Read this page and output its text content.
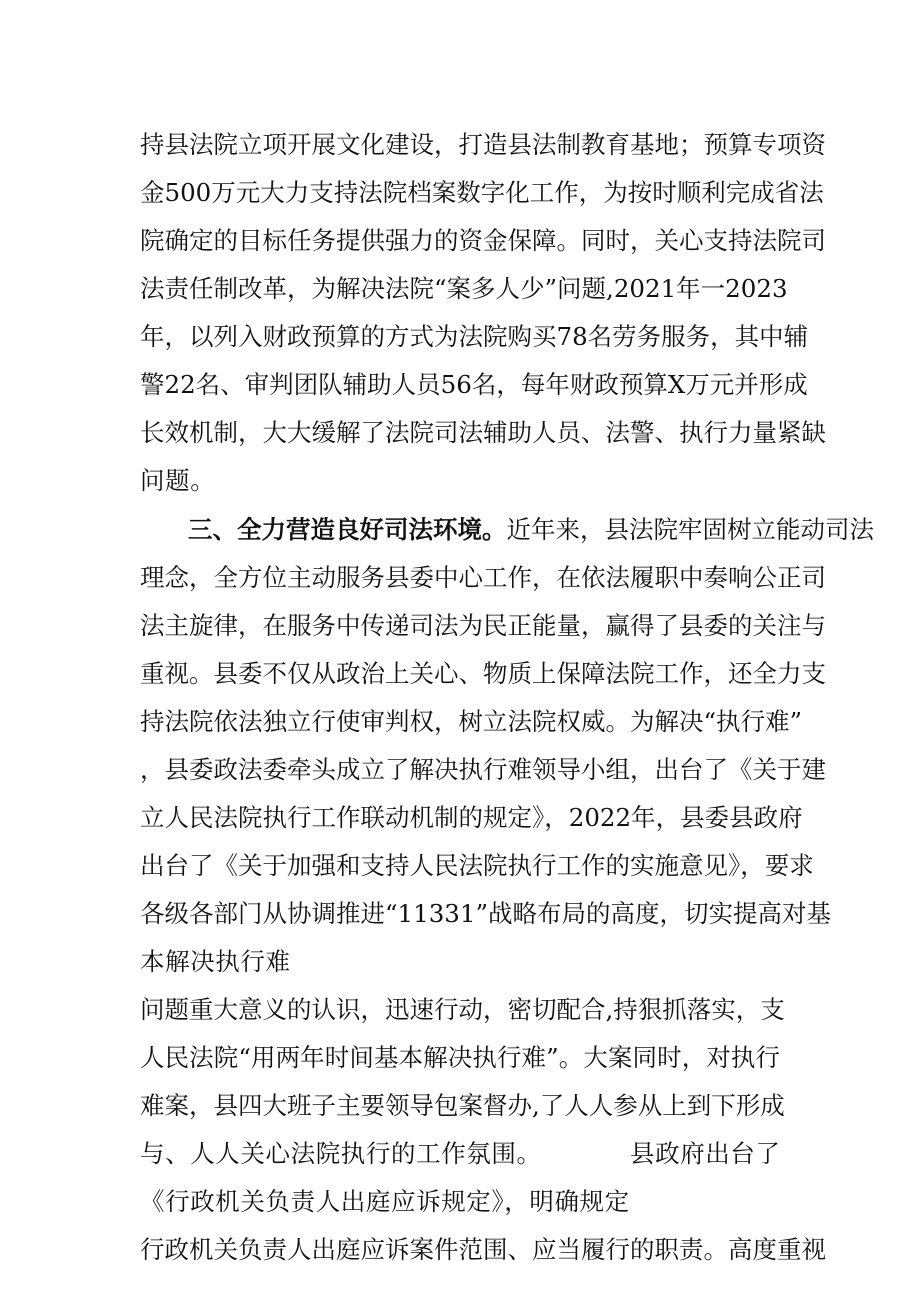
持县法院立项开展文化建设，打造县法制教育基地；预算专项资
金500万元大力支持法院档案数字化工作，为按时顺利完成省法
院确定的目标任务提供强力的资金保障。同时，关心支持法院司
法责任制改革，为解决法院“案多人少”问题,2021年一2023
年，以列入财政预算的方式为法院购买78名劳务服务，其中辅
警22名、审判团队辅助人员56名，每年财政预算X万元并形成
长效机制，大大缓解了法院司法辅助人员、法警、执行力量紧缺
问题。
三、全力营造良好司法环境。近年来，县法院牢固树立能动司法
理念，全方位主动服务县委中心工作，在依法履职中奏响公正司
法主旋律，在服务中传递司法为民正能量，赢得了县委的关注与
重视。县委不仅从政治上关心、物质上保障法院工作，还全力支
持法院依法独立行使审判权，树立法院权威。为解决“执行难”
，县委政法委牵头成立了解决执行难领导小组，出台了《关于建
立人民法院执行工作联动机制的规定》，2022年，县委县政府
出台了《关于加强和支持人民法院执行工作的实施意见》，要求
各级各部门从协调推进“11331”战略布局的高度，切实提高对基
本解决执行难
问题重大意义的认识，迅速行动，密切配合,持狠抓落实，支
人民法院“用两年时间基本解决执行难”。大案同时，对执行
难案，县四大班子主要领导包案督办,了人人参从上到下形成
与、人人关心法院执行的工作氛围。	县政府出台了
《行政机关负责人出庭应诉规定》，明确规定
行政机关负责人出庭应诉案件范围、应当履行的职责。高度重视
